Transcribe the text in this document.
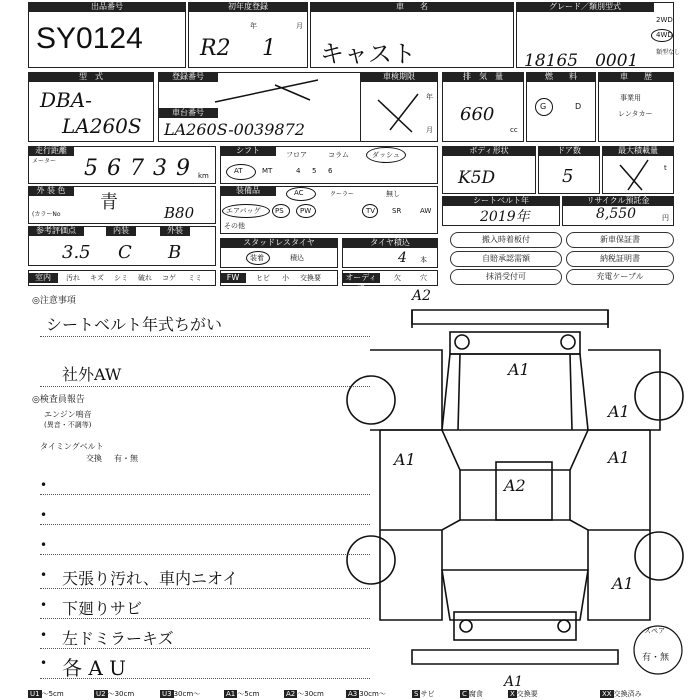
出品番号
SY0124
初年度登録
年	月
R2 1
車　　名
キャスト
グレード／類別型式
18165　0001
2WD
4WD
類型なし
型　式
DBA-
LA260S
登録番号
車台番号
車検期限
年
月
LA260S-0039872
排　気　量
660
cc
燃　　料
G	D
車　　歴
事業用
レンタカー
走行距離
メーター 56739 km
シフト	フロア	コラム	ダッシュ
AT	MT	4 5 6
ボディ形状
K5D
ドア数
5
最大積載量
t
外 装 色
青
(カラーNo	B80
装備品	AC	クーラー	無し
エアバッグ PS PW	TV SR	AW
その他
シートベルト年
2019年
リサイクル預託金
8,550	円
参考評価点	内装	外装
3.5 C B	スタッドレスタイヤ
装着	積込
タイヤ積込
4 本
搬入時着板付
自賠承認需額
抹消受付可
新車保証書
納税証明書
充電ケーブル
室内	汚れ キズ シミ 破れ コゲ ミミ	FW	ヒビ 小 交換要	オーディオ
欠	穴
◎注意事項
シートベルト年式ちがい
社外AW
◎検査員報告
エンジン鳴音
(異音・不調等)
タイミングベルト
交換 有・無
•
•
•
• 天張り汚れ、車内ニオイ
• 下廻りサビ
• 左ドミラーキズ
• 各 A U
A2
A1
A1
A1
A1
A2
A1
A1
スペア
有・無
U1 〜5cm	U2 〜30cm	U3 30cm〜	A1 〜5cm	A2 〜30cm	A3 30cm〜	S サビ	C 腐食	X 交換要	XX 交換済み
